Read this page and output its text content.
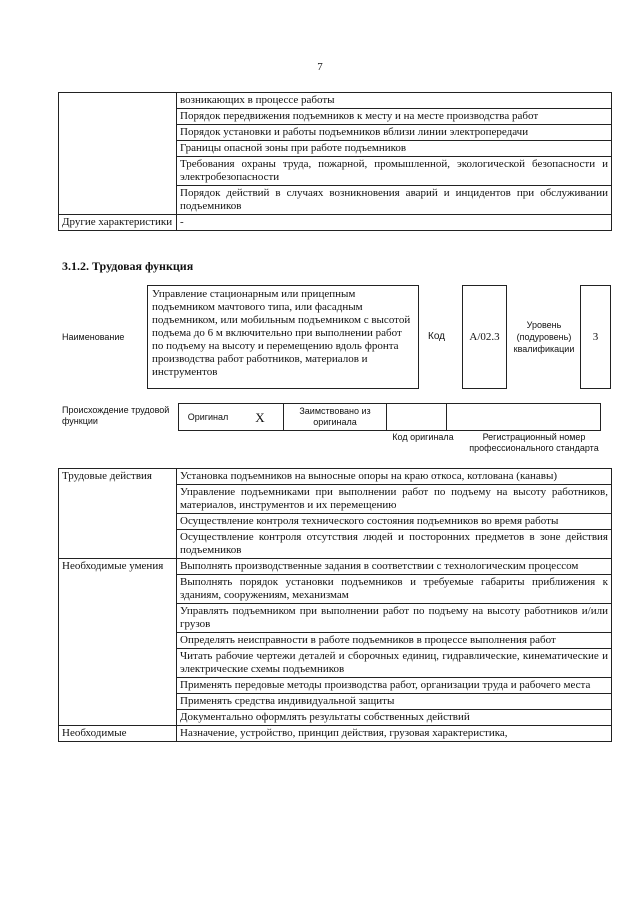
7
	возникающих в процессе работы
	Порядок передвижения подъемников к месту и на месте производства работ
	Порядок установки и работы подъемников вблизи линии электропередачи
	Границы опасной зоны при работе подъемников
	Требования охраны труда, пожарной, промышленной, экологической безопасности и электробезопасности
	Порядок действий в случаях возникновения аварий и инцидентов при обслуживании подъемников
Другие характеристики	-
3.1.2. Трудовая функция
Наименование
Управление стационарным или прицепным подъемником мачтового типа, или фасадным подъемником, или мобильным подъемником с высотой подъема до 6 м включительно при выполнении работ по подъему на высоту и перемещению вдоль фронта производства работ работников, материалов и инструментов
Код	А/02.3
Уровень (подуровень) квалификации
3
Происхождение трудовой функции	Оригинал	X	Заимствовано из оригинала		
Код оригинала	Регистрационный номер профессионального стандарта
Трудовые действия	Установка подъемников на выносные опоры на краю откоса, котлована (канавы)
	Управление подъемниками при выполнении работ по подъему на высоту работников, материалов, инструментов и их перемещению
	Осуществление контроля технического состояния подъемников во время работы
	Осуществление контроля отсутствия людей и посторонних предметов в зоне действия подъемников
Необходимые умения	Выполнять производственные задания в соответствии с технологическим процессом
	Выполнять порядок установки подъемников и требуемые габариты приближения к зданиям, сооружениям, механизмам
	Управлять подъемником при выполнении работ по подъему на высоту работников и/или грузов
	Определять неисправности в работе подъемников в процессе выполнения работ
	Читать рабочие чертежи деталей и сборочных единиц, гидравлические, кинематические и электрические схемы подъемников
	Применять передовые методы производства работ, организации труда и рабочего места
	Применять средства индивидуальной защиты
	Документально оформлять результаты собственных действий
Необходимые	Назначение, устройство, принцип действия, грузовая характеристика,
